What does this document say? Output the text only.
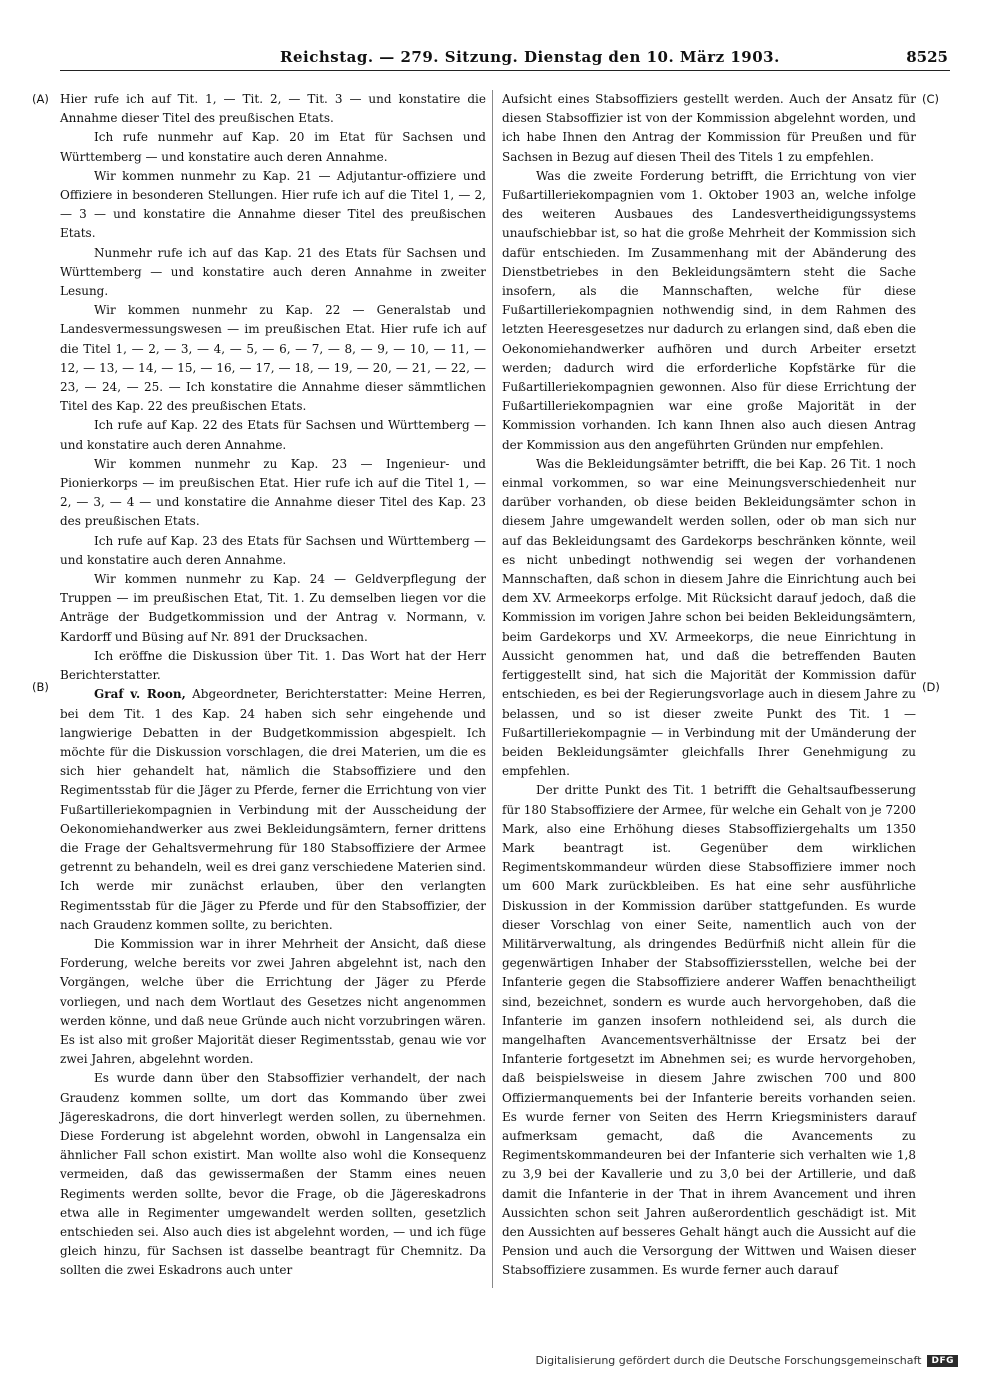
Reichstag. — 279. Sitzung. Dienstag den 10. März 1903.	8525
(A)
(B)
(C)
(D)

Hier rufe ich auf Tit. 1, — Tit. 2, — Tit. 3 — und konstatire die Annahme dieser Titel des preußischen Etats.

Ich rufe nunmehr auf Kap. 20 im Etat für Sachsen und Württemberg — und konstatire auch deren Annahme.

Wir kommen nunmehr zu Kap. 21 — Adjutantur-offiziere und Offiziere in besonderen Stellungen. Hier rufe ich auf die Titel 1, — 2, — 3 — und konstatire die Annahme dieser Titel des preußischen Etats.

Nunmehr rufe ich auf das Kap. 21 des Etats für Sachsen und Württemberg — und konstatire auch deren Annahme in zweiter Lesung.

Wir kommen nunmehr zu Kap. 22 — Generalstab und Landesvermessungswesen — im preußischen Etat. Hier rufe ich auf die Titel 1, — 2, — 3, — 4, — 5, — 6, — 7, — 8, — 9, — 10, — 11, — 12, — 13, — 14, — 15, — 16, — 17, — 18, — 19, — 20, — 21, — 22, — 23, — 24, — 25. — Ich konstatire die Annahme dieser sämmtlichen Titel des Kap. 22 des preußischen Etats.

Ich rufe auf Kap. 22 des Etats für Sachsen und Württemberg — und konstatire auch deren Annahme.

Wir kommen nunmehr zu Kap. 23 — Ingenieur- und Pionierkorps — im preußischen Etat. Hier rufe ich auf die Titel 1, — 2, — 3, — 4 — und konstatire die Annahme dieser Titel des Kap. 23 des preußischen Etats.

Ich rufe auf Kap. 23 des Etats für Sachsen und Württemberg — und konstatire auch deren Annahme.

Wir kommen nunmehr zu Kap. 24 — Geldverpflegung der Truppen — im preußischen Etat, Tit. 1. Zu demselben liegen vor die Anträge der Budgetkommission und der Antrag v. Normann, v. Kardorff und Büsing auf Nr. 891 der Drucksachen.

Ich eröffne die Diskussion über Tit. 1. Das Wort hat der Herr Berichterstatter.

Graf v. Roon, Abgeordneter, Berichterstatter: Meine Herren, bei dem Tit. 1 des Kap. 24 haben sich sehr eingehende und langwierige Debatten in der Budgetkommission abgespielt. Ich möchte für die Diskussion vorschlagen, die drei Materien, um die es sich hier gehandelt hat, nämlich die Stabsoffiziere und den Regimentsstab für die Jäger zu Pferde, ferner die Errichtung von vier Fußartilleriekompagnien in Verbindung mit der Ausscheidung der Oekonomiehandwerker aus zwei Bekleidungsämtern, ferner drittens die Frage der Gehaltsvermehrung für 180 Stabsoffiziere der Armee getrennt zu behandeln, weil es drei ganz verschiedene Materien sind. Ich werde mir zunächst erlauben, über den verlangten Regimentsstab für die Jäger zu Pferde und für den Stabsoffizier, der nach Graudenz kommen sollte, zu berichten.

Die Kommission war in ihrer Mehrheit der Ansicht, daß diese Forderung, welche bereits vor zwei Jahren abgelehnt ist, nach den Vorgängen, welche über die Errichtung der Jäger zu Pferde vorliegen, und nach dem Wortlaut des Gesetzes nicht angenommen werden könne, und daß neue Gründe auch nicht vorzubringen wären. Es ist also mit großer Majorität dieser Regimentsstab, genau wie vor zwei Jahren, abgelehnt worden.

Es wurde dann über den Stabsoffizier verhandelt, der nach Graudenz kommen sollte, um dort das Kommando über zwei Jägereskadrons, die dort hinverlegt werden sollen, zu übernehmen. Diese Forderung ist abgelehnt worden, obwohl in Langensalza ein ähnlicher Fall schon existirt. Man wollte also wohl die Konsequenz vermeiden, daß das gewissermaßen der Stamm eines neuen Regiments werden sollte, bevor die Frage, ob die Jägereskadrons etwa alle in Regimenter umgewandelt werden sollten, gesetzlich entschieden sei. Also auch dies ist abgelehnt worden, — und ich füge gleich hinzu, für Sachsen ist dasselbe beantragt für Chemnitz. Da sollten die zwei Eskadrons auch unter

Aufsicht eines Stabsoffiziers gestellt werden. Auch der Ansatz für diesen Stabsoffizier ist von der Kommission abgelehnt worden, und ich habe Ihnen den Antrag der Kommission für Preußen und für Sachsen in Bezug auf diesen Theil des Titels 1 zu empfehlen.

Was die zweite Forderung betrifft, die Errichtung von vier Fußartilleriekompagnien vom 1. Oktober 1903 an, welche infolge des weiteren Ausbaues des Landesvertheidigungssystems unaufschiebbar ist, so hat die große Mehrheit der Kommission sich dafür entschieden. Im Zusammenhang mit der Abänderung des Dienstbetriebes in den Bekleidungsämtern steht die Sache insofern, als die Mannschaften, welche für diese Fußartilleriekompagnien nothwendig sind, in dem Rahmen des letzten Heeresgesetzes nur dadurch zu erlangen sind, daß eben die Oekonomiehandwerker aufhören und durch Arbeiter ersetzt werden; dadurch wird die erforderliche Kopfstärke für die Fußartilleriekompagnien gewonnen. Also für diese Errichtung der Fußartilleriekompagnien war eine große Majorität in der Kommission vorhanden. Ich kann Ihnen also auch diesen Antrag der Kommission aus den angeführten Gründen nur empfehlen.

Was die Bekleidungsämter betrifft, die bei Kap. 26 Tit. 1 noch einmal vorkommen, so war eine Meinungsverschiedenheit nur darüber vorhanden, ob diese beiden Bekleidungsämter schon in diesem Jahre umgewandelt werden sollen, oder ob man sich nur auf das Bekleidungsamt des Gardekorps beschränken könnte, weil es nicht unbedingt nothwendig sei wegen der vorhandenen Mannschaften, daß schon in diesem Jahre die Einrichtung auch bei dem XV. Armeekorps erfolge. Mit Rücksicht darauf jedoch, daß die Kommission im vorigen Jahre schon bei beiden Bekleidungsämtern, beim Gardekorps und XV. Armeekorps, die neue Einrichtung in Aussicht genommen hat, und daß die betreffenden Bauten fertiggestellt sind, hat sich die Majorität der Kommission dafür entschieden, es bei der Regierungsvorlage auch in diesem Jahre zu belassen, und so ist dieser zweite Punkt des Tit. 1 — Fußartilleriekompagnie — in Verbindung mit der Umänderung der beiden Bekleidungsämter gleichfalls Ihrer Genehmigung zu empfehlen.

Der dritte Punkt des Tit. 1 betrifft die Gehaltsaufbesserung für 180 Stabsoffiziere der Armee, für welche ein Gehalt von je 7200 Mark, also eine Erhöhung dieses Stabsoffiziergehalts um 1350 Mark beantragt ist. Gegenüber dem wirklichen Regimentskommandeur würden diese Stabsoffiziere immer noch um 600 Mark zurückbleiben. Es hat eine sehr ausführliche Diskussion in der Kommission darüber stattgefunden. Es wurde dieser Vorschlag von einer Seite, namentlich auch von der Militärverwaltung, als dringendes Bedürfniß nicht allein für die gegenwärtigen Inhaber der Stabsoffiziersstellen, welche bei der Infanterie gegen die Stabsoffiziere anderer Waffen benachtheiligt sind, bezeichnet, sondern es wurde auch hervorgehoben, daß die Infanterie im ganzen insofern nothleidend sei, als durch die mangelhaften Avancementsverhältnisse der Ersatz bei der Infanterie fortgesetzt im Abnehmen sei; es wurde hervorgehoben, daß beispielsweise in diesem Jahre zwischen 700 und 800 Offiziermanquements bei der Infanterie bereits vorhanden seien. Es wurde ferner von Seiten des Herrn Kriegsministers darauf aufmerksam gemacht, daß die Avancements zu Regimentskommandeuren bei der Infanterie sich verhalten wie 1,8 zu 3,9 bei der Kavallerie und zu 3,0 bei der Artillerie, und daß damit die Infanterie in der That in ihrem Avancement und ihren Aussichten schon seit Jahren außerordentlich geschädigt ist. Mit den Aussichten auf besseres Gehalt hängt auch die Aussicht auf die Pension und auch die Versorgung der Wittwen und Waisen dieser Stabsoffiziere zusammen. Es wurde ferner auch darauf

Digitalisierung gefördert durch die Deutsche Forschungsgemeinschaft	DFG
